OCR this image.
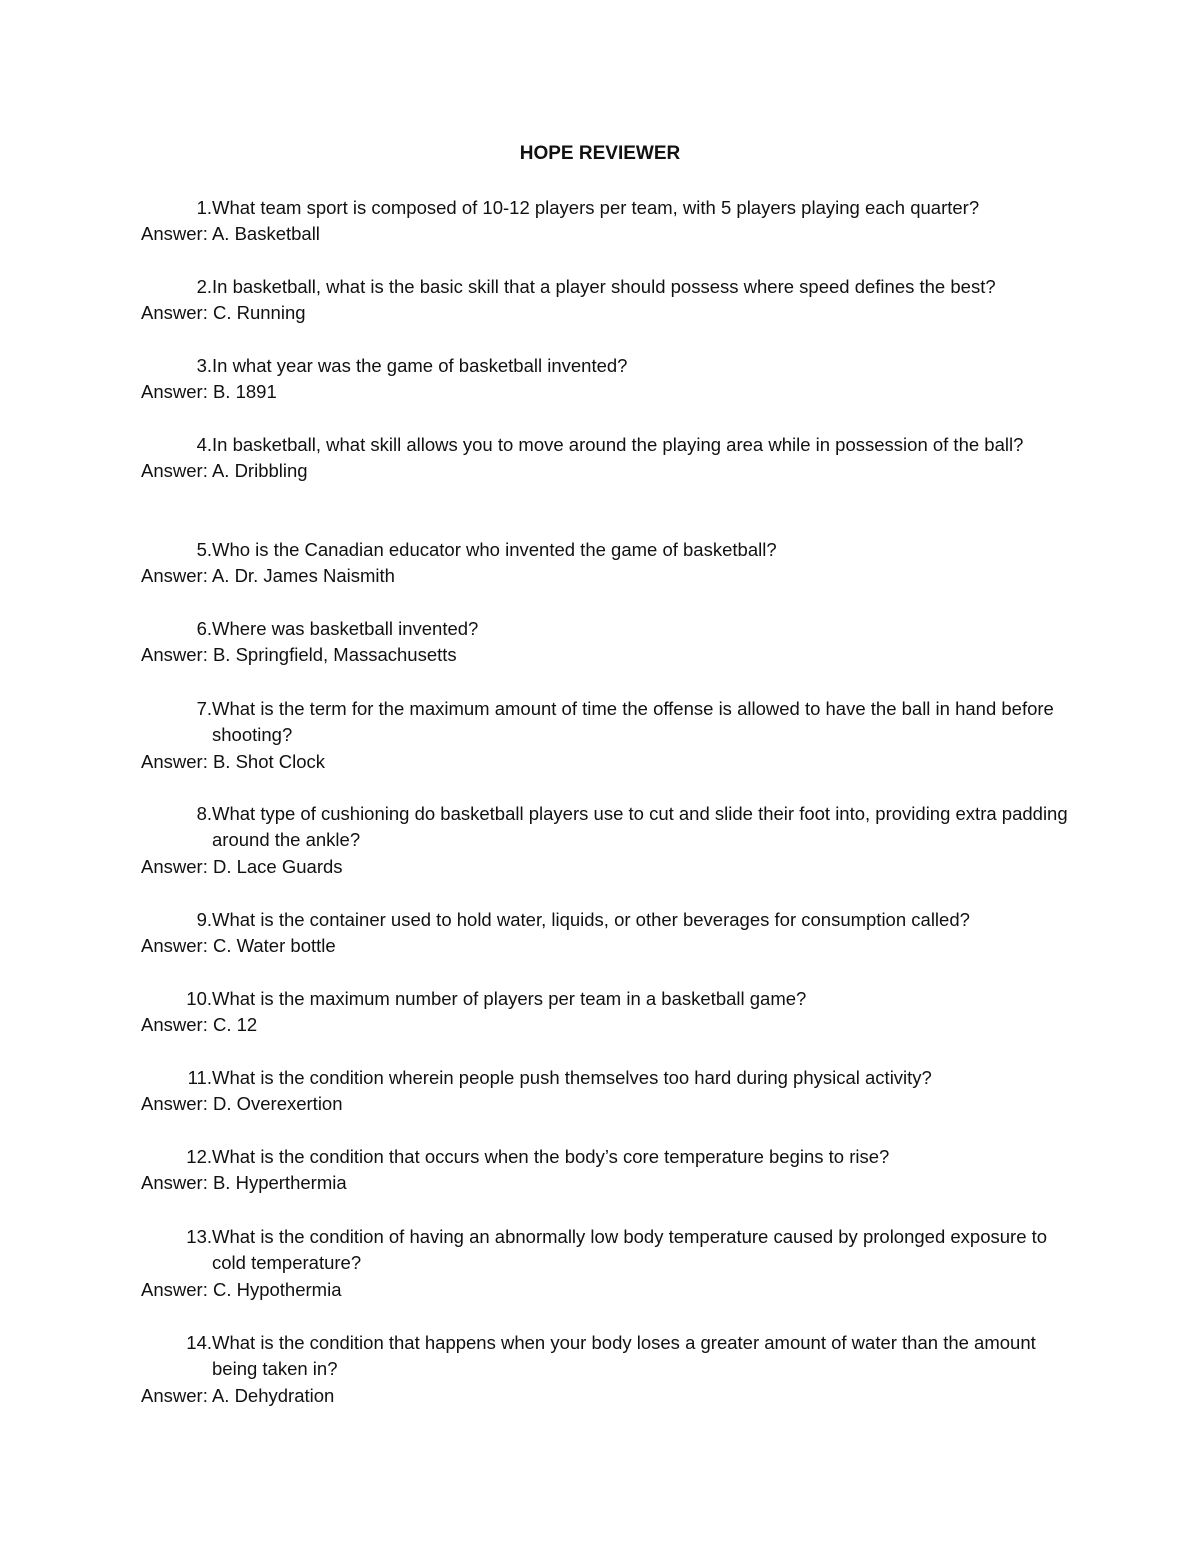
HOPE REVIEWER
1. What team sport is composed of 10-12 players per team, with 5 players playing each quarter?
Answer: A. Basketball
2. In basketball, what is the basic skill that a player should possess where speed defines the best?
Answer: C. Running
3. In what year was the game of basketball invented?
Answer: B. 1891
4. In basketball, what skill allows you to move around the playing area while in possession of the ball?
Answer: A. Dribbling
5. Who is the Canadian educator who invented the game of basketball?
Answer: A. Dr. James Naismith
6. Where was basketball invented?
Answer: B. Springfield, Massachusetts
7. What is the term for the maximum amount of time the offense is allowed to have the ball in hand before shooting?
Answer: B. Shot Clock
8. What type of cushioning do basketball players use to cut and slide their foot into, providing extra padding around the ankle?
Answer: D. Lace Guards
9. What is the container used to hold water, liquids, or other beverages for consumption called?
Answer: C. Water bottle
10. What is the maximum number of players per team in a basketball game?
Answer: C. 12
11. What is the condition wherein people push themselves too hard during physical activity?
Answer: D. Overexertion
12. What is the condition that occurs when the body’s core temperature begins to rise?
Answer: B. Hyperthermia
13. What is the condition of having an abnormally low body temperature caused by prolonged exposure to cold temperature?
Answer: C. Hypothermia
14. What is the condition that happens when your body loses a greater amount of water than the amount being taken in?
Answer: A. Dehydration
